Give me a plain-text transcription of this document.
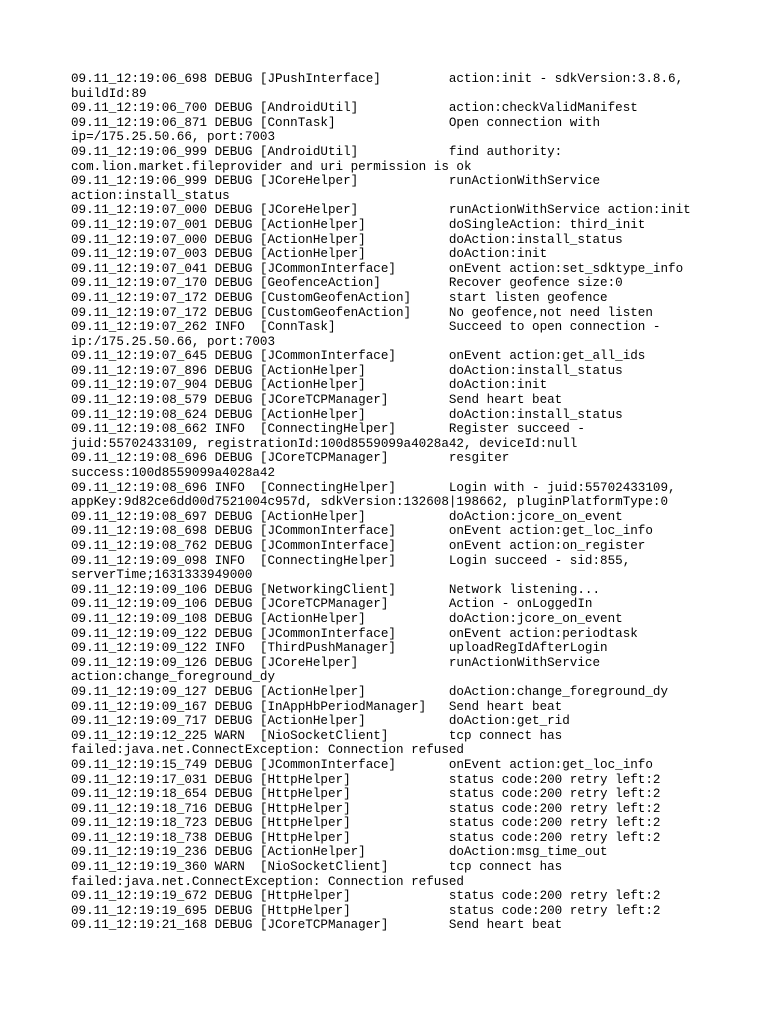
09.11_12:19:06_698 DEBUG [JPushInterface]         action:init - sdkVersion:3.8.6,
buildId:89
09.11_12:19:06_700 DEBUG [AndroidUtil]            action:checkValidManifest
09.11_12:19:06_871 DEBUG [ConnTask]               Open connection with
ip=/175.25.50.66, port:7003
09.11_12:19:06_999 DEBUG [AndroidUtil]            find authority:
com.lion.market.fileprovider and uri permission is ok
09.11_12:19:06_999 DEBUG [JCoreHelper]            runActionWithService
action:install_status
09.11_12:19:07_000 DEBUG [JCoreHelper]            runActionWithService action:init
09.11_12:19:07_001 DEBUG [ActionHelper]           doSingleAction: third_init
09.11_12:19:07_000 DEBUG [ActionHelper]           doAction:install_status
09.11_12:19:07_003 DEBUG [ActionHelper]           doAction:init
09.11_12:19:07_041 DEBUG [JCommonInterface]       onEvent action:set_sdktype_info
09.11_12:19:07_170 DEBUG [GeofenceAction]         Recover geofence size:0
09.11_12:19:07_172 DEBUG [CustomGeofenAction]     start listen geofence
09.11_12:19:07_172 DEBUG [CustomGeofenAction]     No geofence,not need listen
09.11_12:19:07_262 INFO  [ConnTask]               Succeed to open connection -
ip:/175.25.50.66, port:7003
09.11_12:19:07_645 DEBUG [JCommonInterface]       onEvent action:get_all_ids
09.11_12:19:07_896 DEBUG [ActionHelper]           doAction:install_status
09.11_12:19:07_904 DEBUG [ActionHelper]           doAction:init
09.11_12:19:08_579 DEBUG [JCoreTCPManager]        Send heart beat
09.11_12:19:08_624 DEBUG [ActionHelper]           doAction:install_status
09.11_12:19:08_662 INFO  [ConnectingHelper]       Register succeed -
juid:55702433109, registrationId:100d8559099a4028a42, deviceId:null
09.11_12:19:08_696 DEBUG [JCoreTCPManager]        resgiter
success:100d8559099a4028a42
09.11_12:19:08_696 INFO  [ConnectingHelper]       Login with - juid:55702433109,
appKey:9d82ce6dd00d7521004c957d, sdkVersion:132608|198662, pluginPlatformType:0
09.11_12:19:08_697 DEBUG [ActionHelper]           doAction:jcore_on_event
09.11_12:19:08_698 DEBUG [JCommonInterface]       onEvent action:get_loc_info
09.11_12:19:08_762 DEBUG [JCommonInterface]       onEvent action:on_register
09.11_12:19:09_098 INFO  [ConnectingHelper]       Login succeed - sid:855,
serverTime;1631333949000
09.11_12:19:09_106 DEBUG [NetworkingClient]       Network listening...
09.11_12:19:09_106 DEBUG [JCoreTCPManager]        Action - onLoggedIn
09.11_12:19:09_108 DEBUG [ActionHelper]           doAction:jcore_on_event
09.11_12:19:09_122 DEBUG [JCommonInterface]       onEvent action:periodtask
09.11_12:19:09_122 INFO  [ThirdPushManager]       uploadRegIdAfterLogin
09.11_12:19:09_126 DEBUG [JCoreHelper]            runActionWithService
action:change_foreground_dy
09.11_12:19:09_127 DEBUG [ActionHelper]           doAction:change_foreground_dy
09.11_12:19:09_167 DEBUG [InAppHbPeriodManager]   Send heart beat
09.11_12:19:09_717 DEBUG [ActionHelper]           doAction:get_rid
09.11_12:19:12_225 WARN  [NioSocketClient]        tcp connect has
failed:java.net.ConnectException: Connection refused
09.11_12:19:15_749 DEBUG [JCommonInterface]       onEvent action:get_loc_info
09.11_12:19:17_031 DEBUG [HttpHelper]             status code:200 retry left:2
09.11_12:19:18_654 DEBUG [HttpHelper]             status code:200 retry left:2
09.11_12:19:18_716 DEBUG [HttpHelper]             status code:200 retry left:2
09.11_12:19:18_723 DEBUG [HttpHelper]             status code:200 retry left:2
09.11_12:19:18_738 DEBUG [HttpHelper]             status code:200 retry left:2
09.11_12:19:19_236 DEBUG [ActionHelper]           doAction:msg_time_out
09.11_12:19:19_360 WARN  [NioSocketClient]        tcp connect has
failed:java.net.ConnectException: Connection refused
09.11_12:19:19_672 DEBUG [HttpHelper]             status code:200 retry left:2
09.11_12:19:19_695 DEBUG [HttpHelper]             status code:200 retry left:2
09.11_12:19:21_168 DEBUG [JCoreTCPManager]        Send heart beat
